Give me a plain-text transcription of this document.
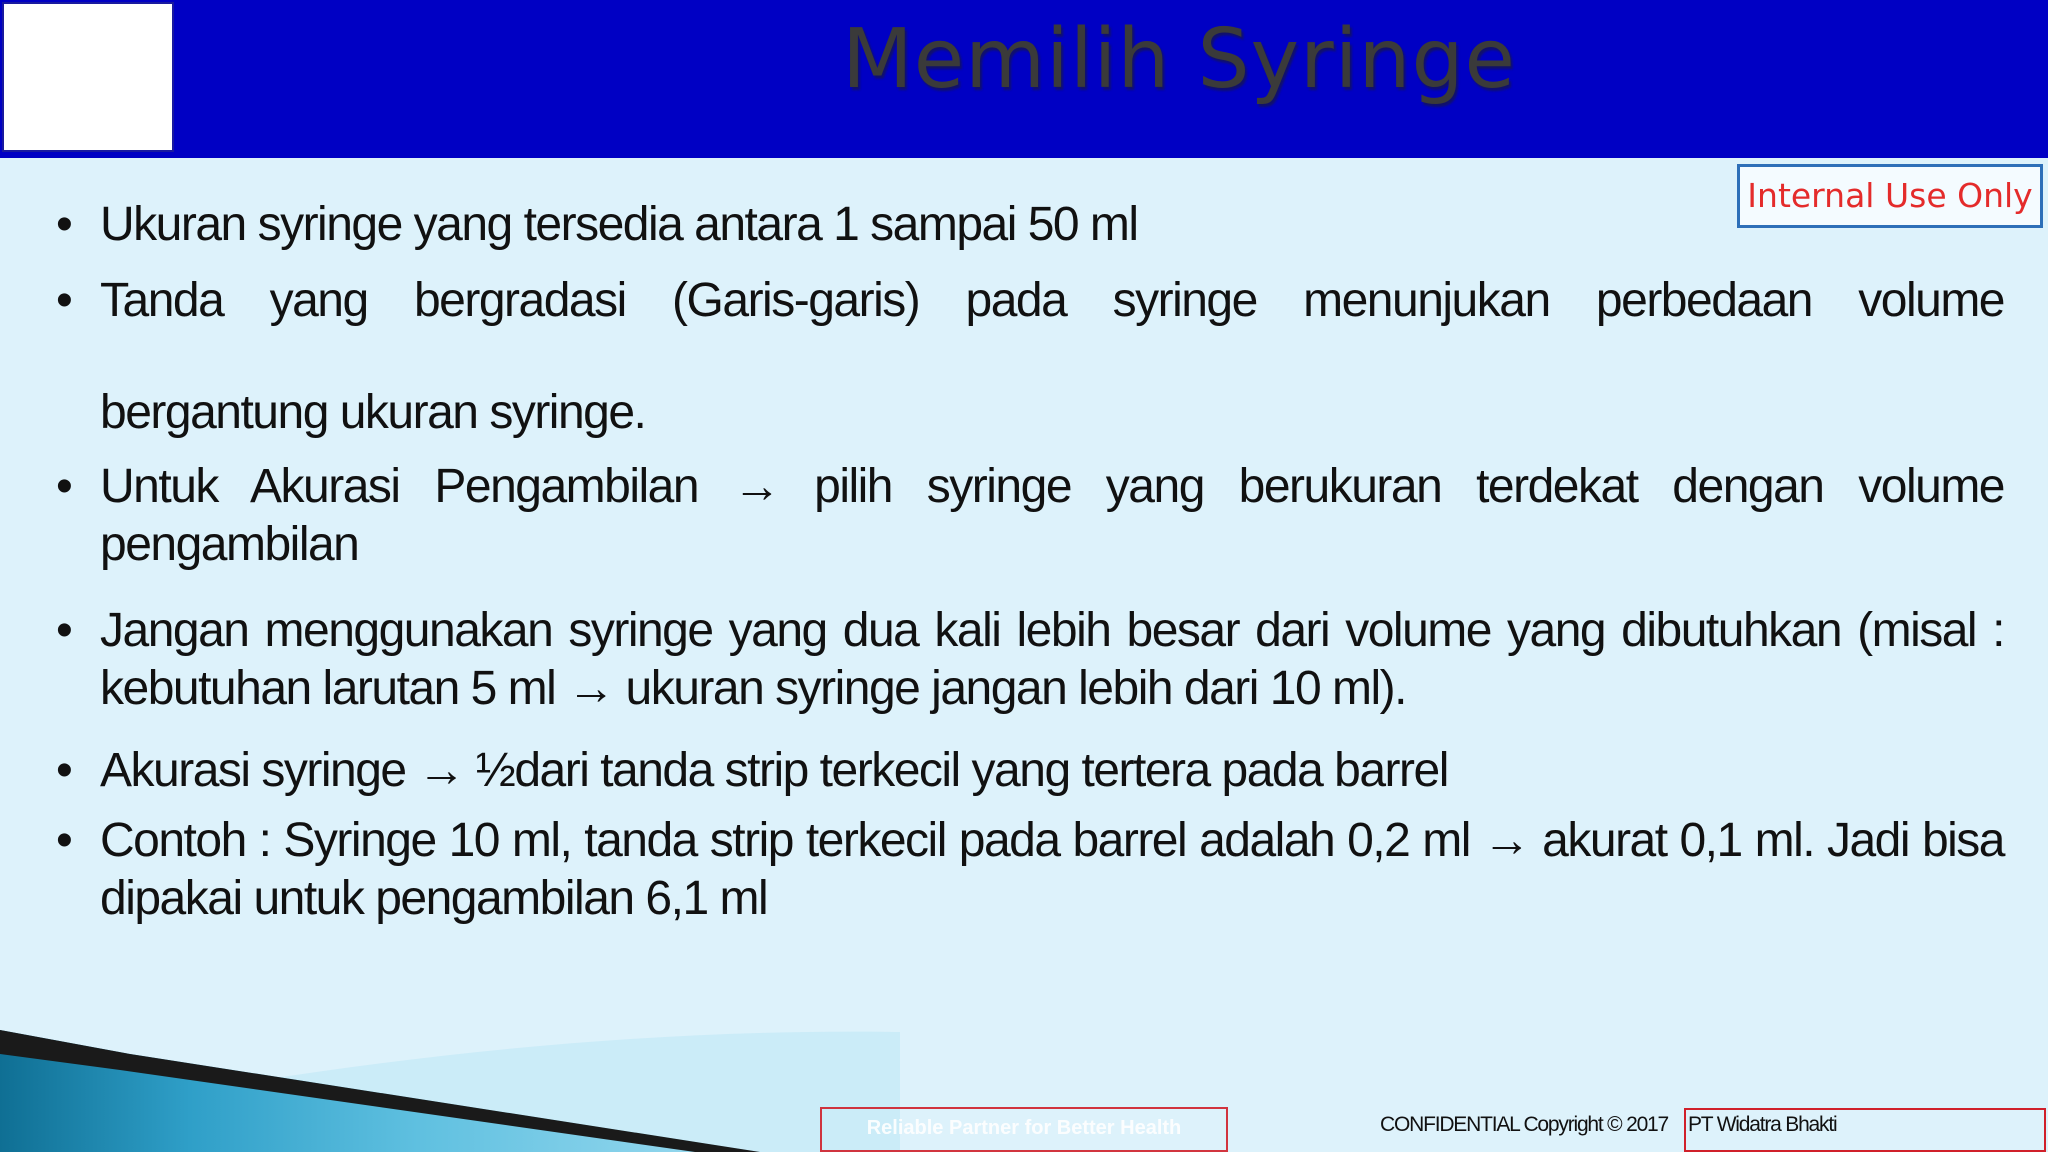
Memilih Syringe
Internal Use Only
• Ukuran syringe yang tersedia antara 1 sampai 50 ml
• Tanda yang bergradasi (Garis-garis) pada syringe menunjukan perbedaan volume
bergantung ukuran syringe.
• Untuk Akurasi Pengambilan → pilih syringe yang berukuran terdekat dengan volume pengambilan
• Jangan menggunakan syringe yang dua kali lebih besar dari volume yang dibutuhkan (misal : kebutuhan larutan 5 ml → ukuran syringe jangan lebih dari 10 ml).
• Akurasi syringe → ½dari tanda strip terkecil yang tertera pada barrel
• Contoh : Syringe 10 ml, tanda strip terkecil pada barrel adalah 0,2 ml → akurat 0,1 ml. Jadi bisa dipakai untuk pengambilan 6,1 ml
Reliable Partner for Better Health	CONFIDENTIAL Copyright © 2017 PT Widatra Bhakti
